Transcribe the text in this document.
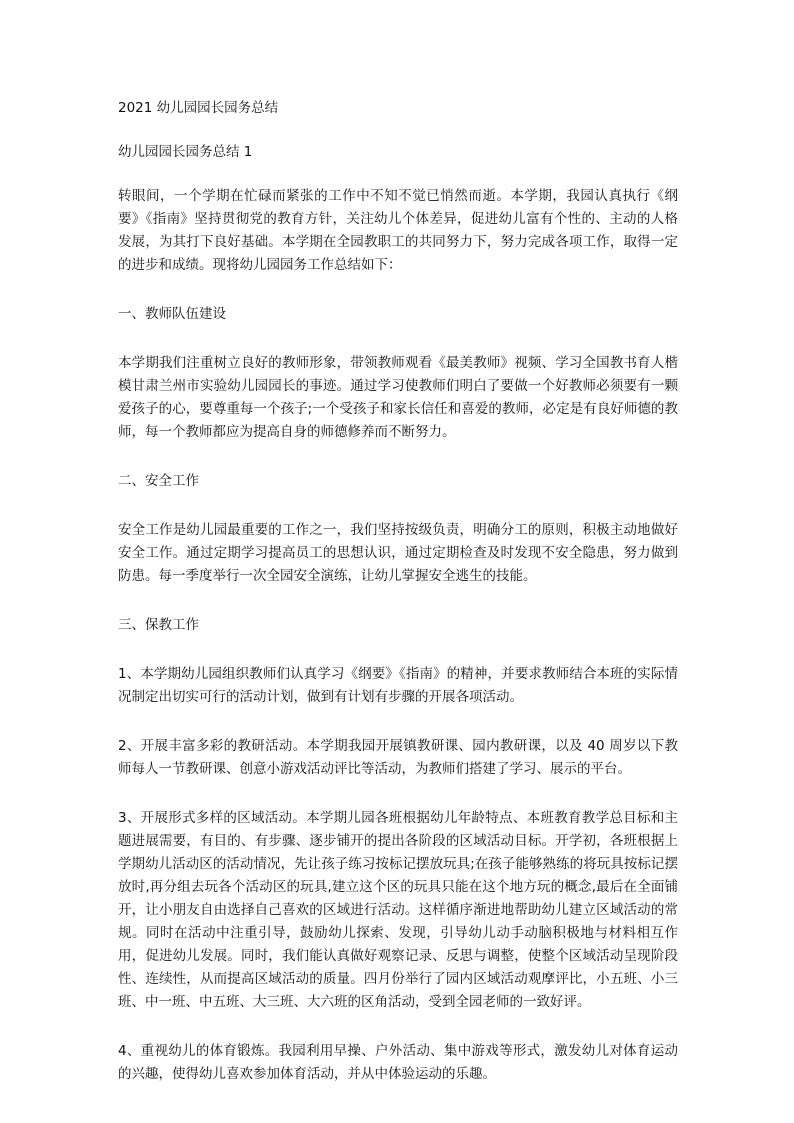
2021 幼儿园园长园务总结

幼儿园园长园务总结 1

转眼间，一个学期在忙碌而紧张的工作中不知不觉已悄然而逝。本学期，我园认真执行《纲要》《指南》坚持贯彻党的教育方针，关注幼儿个体差异，促进幼儿富有个性的、主动的人格发展，为其打下良好基础。本学期在全园教职工的共同努力下，努力完成各项工作，取得一定的进步和成绩。现将幼儿园园务工作总结如下：

一、教师队伍建设

本学期我们注重树立良好的教师形象，带领教师观看《最美教师》视频、学习全国教书育人楷模甘肃兰州市实验幼儿园园长的事迹。通过学习使教师们明白了要做一个好教师必须要有一颗爱孩子的心，要尊重每一个孩子;一个受孩子和家长信任和喜爱的教师，必定是有良好师德的教师，每一个教师都应为提高自身的师德修养而不断努力。

二、安全工作

安全工作是幼儿园最重要的工作之一，我们坚持按级负责，明确分工的原则，积极主动地做好安全工作。通过定期学习提高员工的思想认识，通过定期检查及时发现不安全隐患，努力做到防患。每一季度举行一次全园安全演练，让幼儿掌握安全逃生的技能。

三、保教工作

1、本学期幼儿园组织教师们认真学习《纲要》《指南》的精神，并要求教师结合本班的实际情况制定出切实可行的活动计划，做到有计划有步骤的开展各项活动。

2、开展丰富多彩的教研活动。本学期我园开展镇教研课、园内教研课，以及 40 周岁以下教师每人一节教研课、创意小游戏活动评比等活动，为教师们搭建了学习、展示的平台。

3、开展形式多样的区域活动。本学期儿园各班根据幼儿年龄特点、本班教育教学总目标和主题进展需要，有目的、有步骤、逐步铺开的提出各阶段的区域活动目标。开学初，各班根据上学期幼儿活动区的活动情况，先让孩子练习按标记摆放玩具;在孩子能够熟练的将玩具按标记摆放时,再分组去玩各个活动区的玩具,建立这个区的玩具只能在这个地方玩的概念,最后在全面铺开，让小朋友自由选择自己喜欢的区域进行活动。这样循序渐进地帮助幼儿建立区域活动的常规。同时在活动中注重引导，鼓励幼儿探索、发现，引导幼儿动手动脑积极地与材料相互作用，促进幼儿发展。同时，我们能认真做好观察记录、反思与调整，使整个区域活动呈现阶段性、连续性，从而提高区域活动的质量。四月份举行了园内区域活动观摩评比，小五班、小三班、中一班、中五班、大三班、大六班的区角活动，受到全园老师的一致好评。

4、重视幼儿的体育锻炼。我园利用早操、户外活动、集中游戏等形式，激发幼儿对体育运动的兴趣，使得幼儿喜欢参加体育活动，并从中体验运动的乐趣。
